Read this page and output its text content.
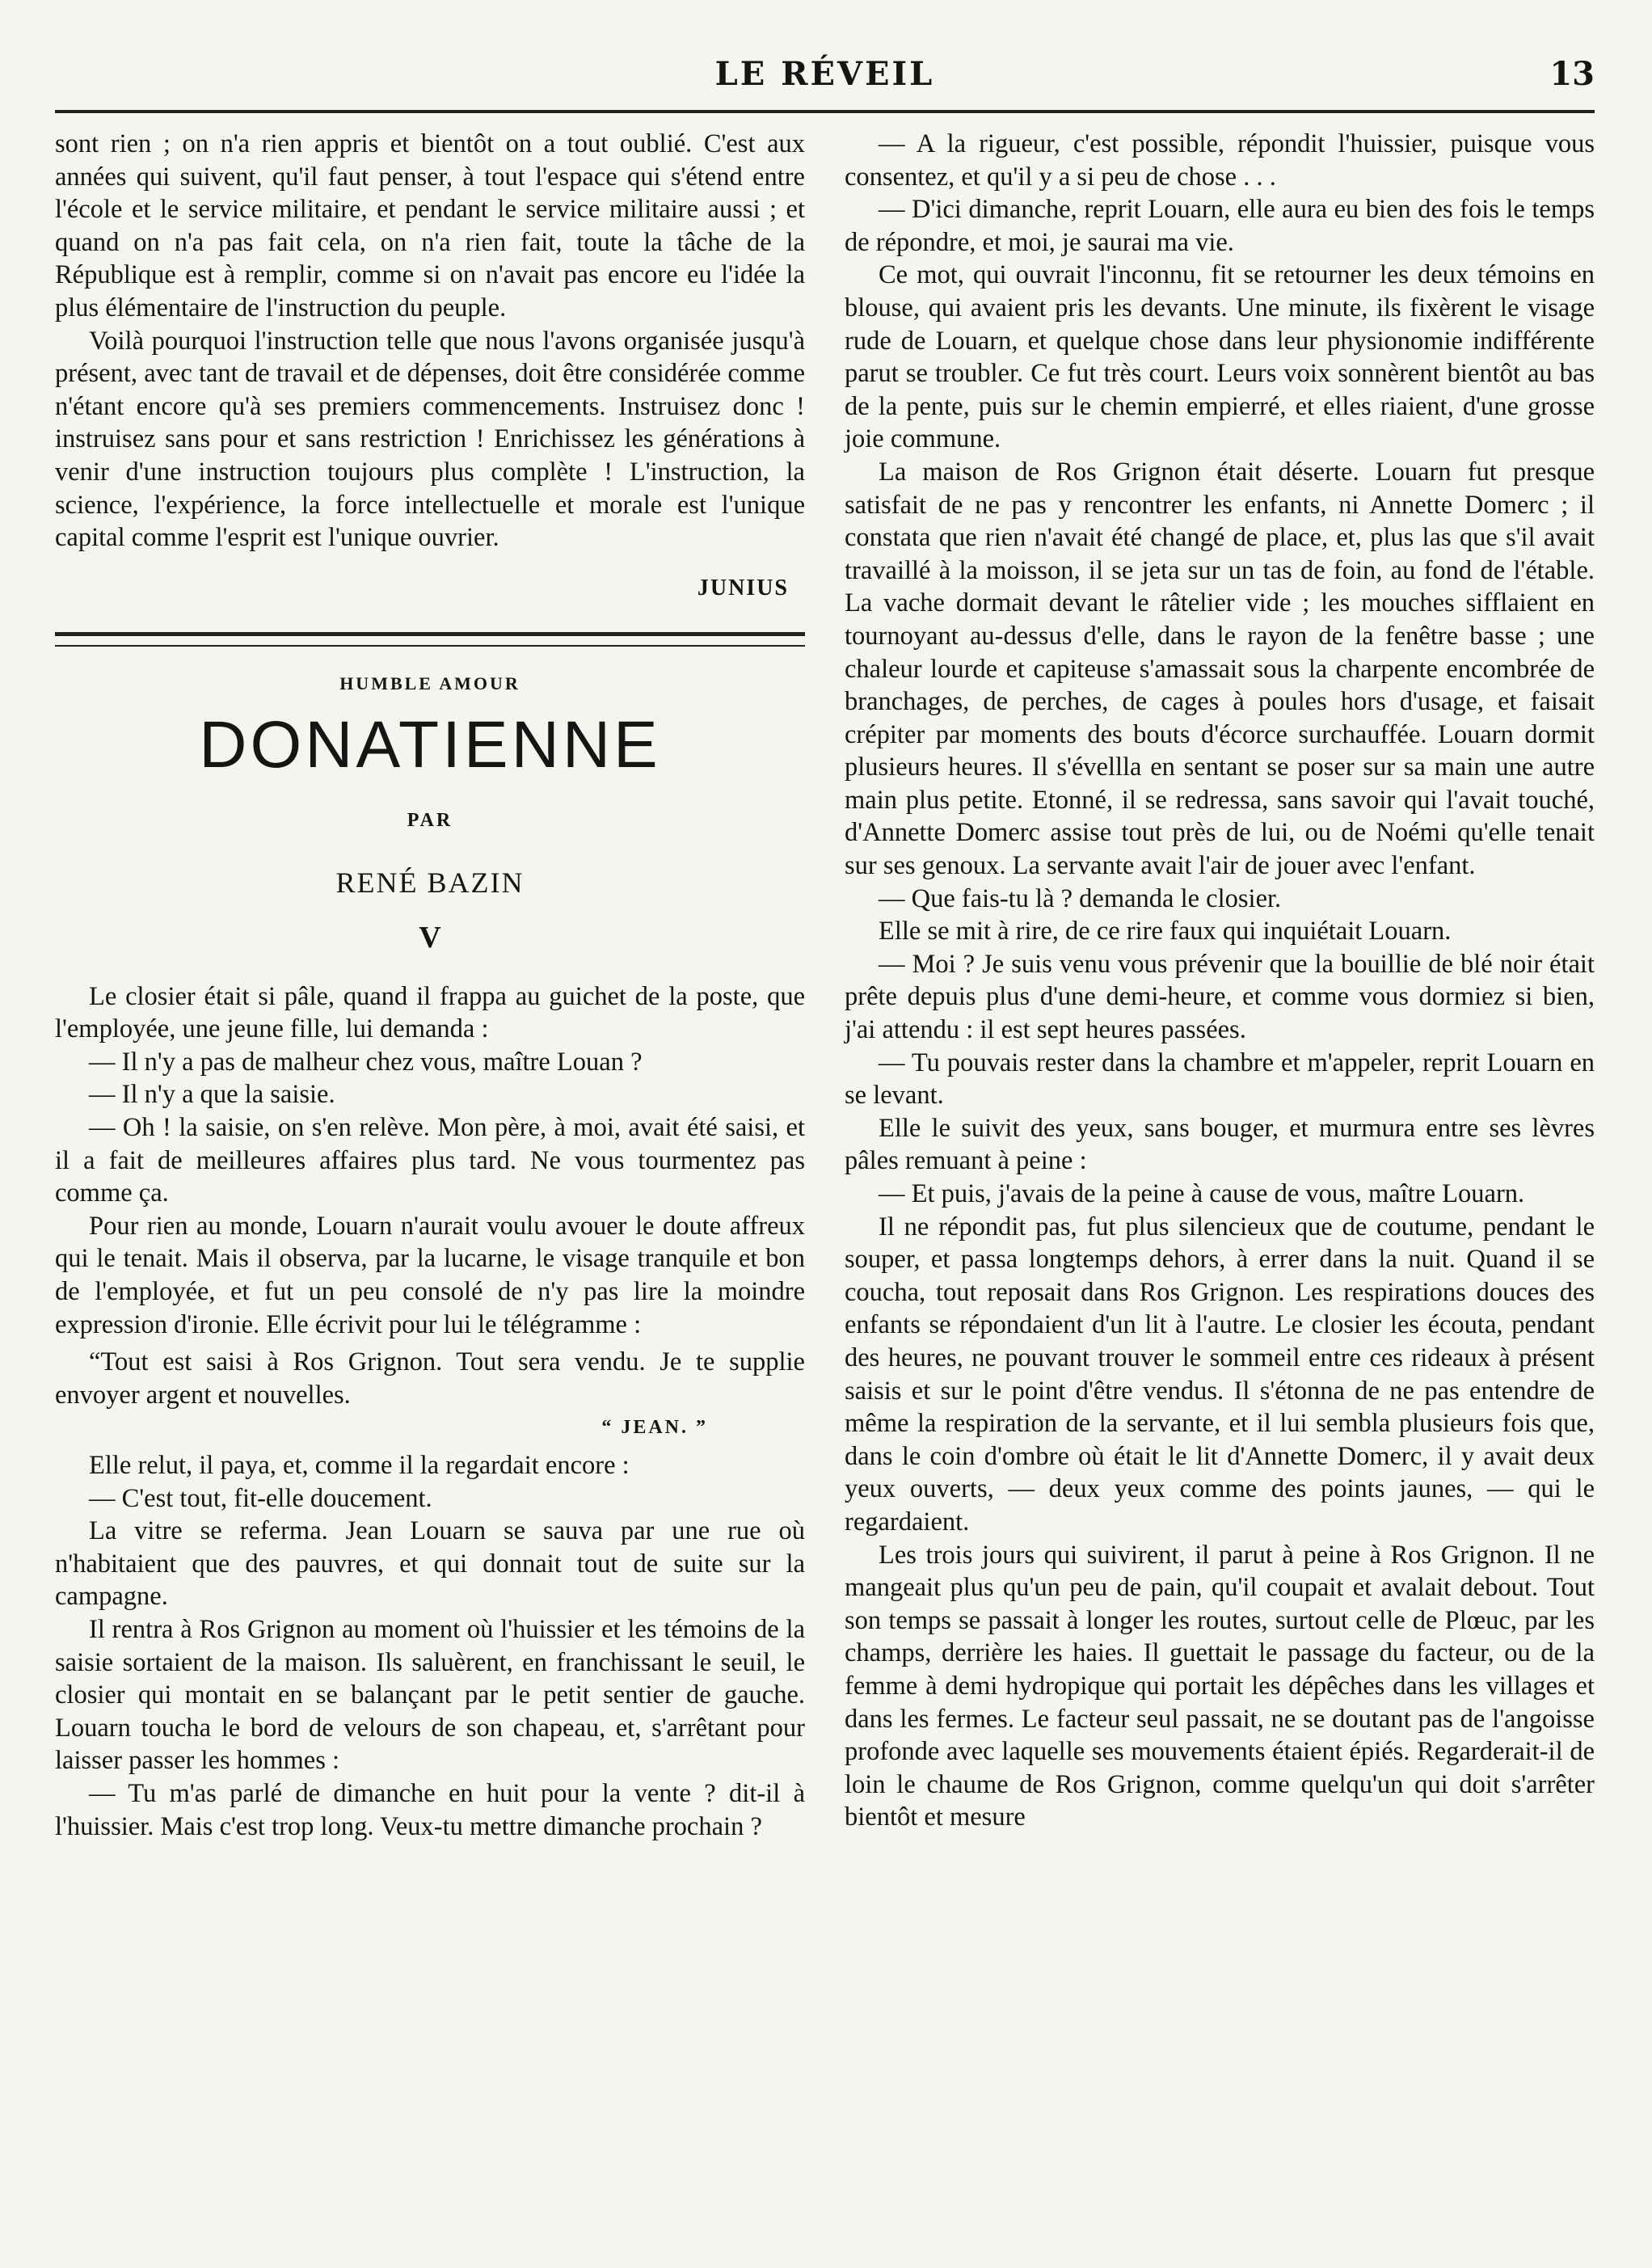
LE RÉVEIL	13

sont rien ; on n'a rien appris et bientôt on a tout oublié. C'est aux années qui suivent, qu'il faut penser, à tout l'espace qui s'étend entre l'école et le service militaire, et pendant le service militaire aussi ; et quand on n'a pas fait cela, on n'a rien fait, toute la tâche de la République est à remplir, comme si on n'avait pas encore eu l'idée la plus élémentaire de l'instruction du peuple.

Voilà pourquoi l'instruction telle que nous l'avons organisée jusqu'à présent, avec tant de travail et de dépenses, doit être considérée comme n'étant encore qu'à ses premiers commencements. Instruisez donc ! instruisez sans pour et sans restriction ! Enrichissez les générations à venir d'une instruction toujours plus complète ! L'instruction, la science, l'expérience, la force intellectuelle et morale est l'unique capital comme l'esprit est l'unique ouvrier.

JUNIUS
HUMBLE AMOUR
DONATIENNE
PAR
RENÉ BAZIN
V

Le closier était si pâle, quand il frappa au guichet de la poste, que l'employée, une jeune fille, lui demanda :

— Il n'y a pas de malheur chez vous, maître Louan ?

— Il n'y a que la saisie.

— Oh ! la saisie, on s'en relève. Mon père, à moi, avait été saisi, et il a fait de meilleures affaires plus tard. Ne vous tourmentez pas comme ça.

Pour rien au monde, Louarn n'aurait voulu avouer le doute affreux qui le tenait. Mais il observa, par la lucarne, le visage tranquile et bon de l'employée, et fut un peu consolé de n'y pas lire la moindre expression d'ironie. Elle écrivit pour lui le télégramme :

“Tout est saisi à Ros Grignon. Tout sera vendu. Je te supplie envoyer argent et nouvelles.

“ JEAN. ”

Elle relut, il paya, et, comme il la regardait encore :

— C'est tout, fit-elle doucement.

La vitre se referma. Jean Louarn se sauva par une rue où n'habitaient que des pauvres, et qui donnait tout de suite sur la campagne.

Il rentra à Ros Grignon au moment où l'huissier et les témoins de la saisie sortaient de la maison. Ils saluèrent, en franchissant le seuil, le closier qui montait en se balançant par le petit sentier de gauche. Louarn toucha le bord de velours de son chapeau, et, s'arrêtant pour laisser passer les hommes :

— Tu m'as parlé de dimanche en huit pour la vente ? dit-il à l'huissier. Mais c'est trop long. Veux-tu mettre dimanche prochain ?

— A la rigueur, c'est possible, répondit l'huissier, puisque vous consentez, et qu'il y a si peu de chose . . .

— D'ici dimanche, reprit Louarn, elle aura eu bien des fois le temps de répondre, et moi, je saurai ma vie.

Ce mot, qui ouvrait l'inconnu, fit se retourner les deux témoins en blouse, qui avaient pris les devants. Une minute, ils fixèrent le visage rude de Louarn, et quelque chose dans leur physionomie indifférente parut se troubler. Ce fut très court. Leurs voix sonnèrent bientôt au bas de la pente, puis sur le chemin empierré, et elles riaient, d'une grosse joie commune.

La maison de Ros Grignon était déserte. Louarn fut presque satisfait de ne pas y rencontrer les enfants, ni Annette Domerc ; il constata que rien n'avait été changé de place, et, plus las que s'il avait travaillé à la moisson, il se jeta sur un tas de foin, au fond de l'étable. La vache dormait devant le râtelier vide ; les mouches sifflaient en tournoyant au-dessus d'elle, dans le rayon de la fenêtre basse ; une chaleur lourde et capiteuse s'amassait sous la charpente encombrée de branchages, de perches, de cages à poules hors d'usage, et faisait crépiter par moments des bouts d'écorce surchauffée. Louarn dormit plusieurs heures. Il s'évellla en sentant se poser sur sa main une autre main plus petite. Etonné, il se redressa, sans savoir qui l'avait touché, d'Annette Domerc assise tout près de lui, ou de Noémi qu'elle tenait sur ses genoux. La servante avait l'air de jouer avec l'enfant.

— Que fais-tu là ? demanda le closier.

Elle se mit à rire, de ce rire faux qui inquiétait Louarn.

— Moi ? Je suis venu vous prévenir que la bouillie de blé noir était prête depuis plus d'une demi-heure, et comme vous dormiez si bien, j'ai attendu : il est sept heures passées.

— Tu pouvais rester dans la chambre et m'appeler, reprit Louarn en se levant.

Elle le suivit des yeux, sans bouger, et murmura entre ses lèvres pâles remuant à peine :

— Et puis, j'avais de la peine à cause de vous, maître Louarn.

Il ne répondit pas, fut plus silencieux que de coutume, pendant le souper, et passa longtemps dehors, à errer dans la nuit. Quand il se coucha, tout reposait dans Ros Grignon. Les respirations douces des enfants se répondaient d'un lit à l'autre. Le closier les écouta, pendant des heures, ne pouvant trouver le sommeil entre ces rideaux à présent saisis et sur le point d'être vendus. Il s'étonna de ne pas entendre de même la respiration de la servante, et il lui sembla plusieurs fois que, dans le coin d'ombre où était le lit d'Annette Domerc, il y avait deux yeux ouverts, — deux yeux comme des points jaunes, — qui le regardaient.

Les trois jours qui suivirent, il parut à peine à Ros Grignon. Il ne mangeait plus qu'un peu de pain, qu'il coupait et avalait debout. Tout son temps se passait à longer les routes, surtout celle de Plœuc, par les champs, derrière les haies. Il guettait le passage du facteur, ou de la femme à demi hydropique qui portait les dépêches dans les villages et dans les fermes. Le facteur seul passait, ne se doutant pas de l'angoisse profonde avec laquelle ses mouvements étaient épiés. Regarderait-il de loin le chaume de Ros Grignon, comme quelqu'un qui doit s'arrêter bientôt et mesure
